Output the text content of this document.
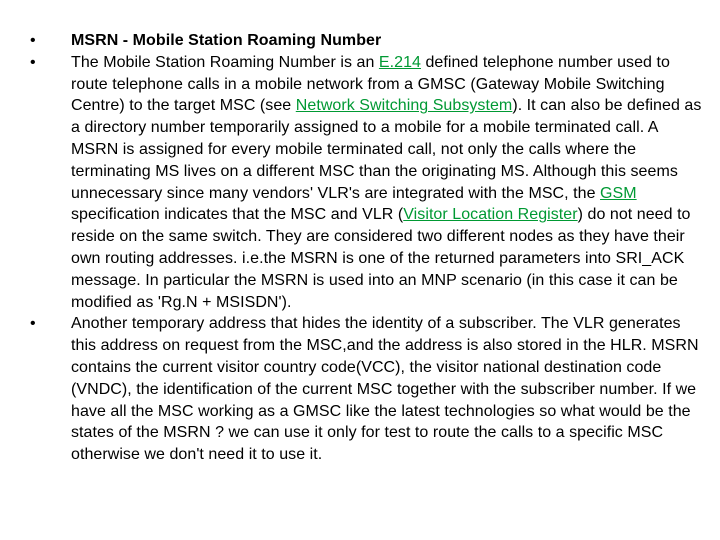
•	MSRN - Mobile Station Roaming Number
•	The Mobile Station Roaming Number is an E.214 defined telephone number used to route telephone calls in a mobile network from a GMSC (Gateway Mobile Switching Centre) to the target MSC (see Network Switching Subsystem). It can also be defined as a directory number temporarily assigned to a mobile for a mobile terminated call. A MSRN is assigned for every mobile terminated call, not only the calls where the terminating MS lives on a different MSC than the originating MS. Although this seems unnecessary since many vendors' VLR's are integrated with the MSC, the GSM specification indicates that the MSC and VLR (Visitor Location Register) do not need to reside on the same switch. They are considered two different nodes as they have their own routing addresses. i.e.the MSRN is one of the returned parameters into SRI_ACK message. In particular the MSRN is used into an MNP scenario (in this case it can be modified as 'Rg.N + MSISDN').
•	Another temporary address that hides the identity of a subscriber. The VLR generates this address on request from the MSC,and the address is also stored in the HLR. MSRN contains the current visitor country code(VCC), the visitor national destination code (VNDC), the identification of the current MSC together with the subscriber number. If we have all the MSC working as a GMSC like the latest technologies so what would be the states of the MSRN ? we can use it only for test to route the calls to a specific MSC otherwise we don't need it to use it.
